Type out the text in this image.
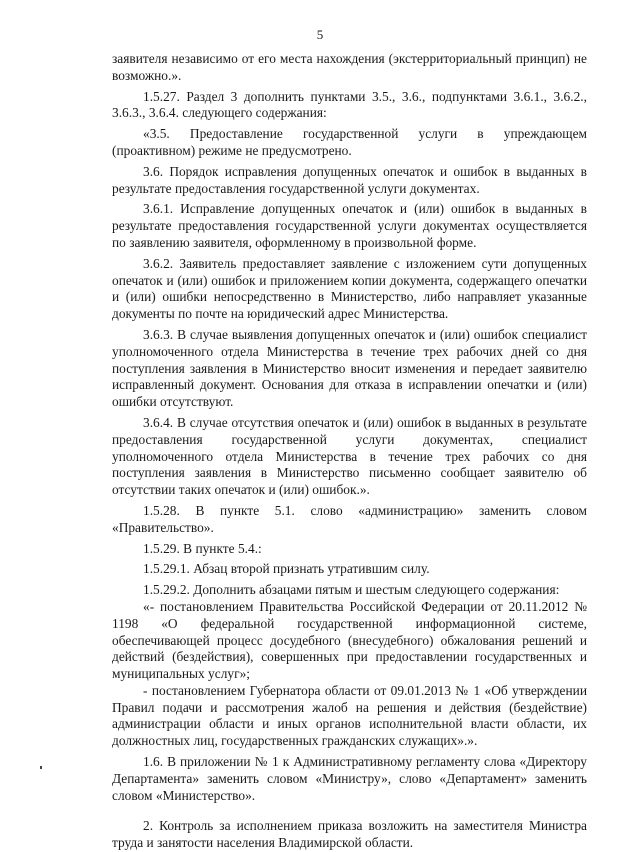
5

заявителя независимо от его места нахождения (экстерриториальный принцип) не возможно.».

1.5.27. Раздел 3 дополнить пунктами 3.5., 3.6., подпунктами 3.6.1., 3.6.2., 3.6.3., 3.6.4. следующего содержания:

«3.5. Предоставление государственной услуги в упреждающем (проактивном) режиме не предусмотрено.

3.6. Порядок исправления допущенных опечаток и ошибок в выданных в результате предоставления государственной услуги документах.

3.6.1. Исправление допущенных опечаток и (или) ошибок в выданных в результате предоставления государственной услуги документах осуществляется по заявлению заявителя, оформленному в произвольной форме.

3.6.2. Заявитель предоставляет заявление с изложением сути допущенных опечаток и (или) ошибок и приложением копии документа, содержащего опечатки и (или) ошибки непосредственно в Министерство, либо направляет указанные документы по почте на юридический адрес Министерства.

3.6.3. В случае выявления допущенных опечаток и (или) ошибок специалист уполномоченного отдела Министерства в течение трех рабочих дней со дня поступления заявления в Министерство вносит изменения и передает заявителю исправленный документ. Основания для отказа в исправлении опечатки и (или) ошибки отсутствуют.

3.6.4. В случае отсутствия опечаток и (или) ошибок в выданных в результате предоставления государственной услуги документах, специалист уполномоченного отдела Министерства в течение трех рабочих со дня поступления заявления в Министерство письменно сообщает заявителю об отсутствии таких опечаток и (или) ошибок.».

1.5.28. В пункте 5.1. слово «администрацию» заменить словом «Правительство».

1.5.29. В пункте 5.4.:

1.5.29.1. Абзац второй признать утратившим силу.

1.5.29.2. Дополнить абзацами пятым и шестым следующего содержания:

«- постановлением Правительства Российской Федерации от 20.11.2012 № 1198 «О федеральной государственной информационной системе, обеспечивающей процесс досудебного (внесудебного) обжалования решений и действий (бездействия), совершенных при предоставлении государственных и муниципальных услуг»;

- постановлением Губернатора области от 09.01.2013 № 1 «Об утверждении Правил подачи и рассмотрения жалоб на решения и действия (бездействие) администрации области и иных органов исполнительной власти области, их должностных лиц, государственных гражданских служащих».».

1.6. В приложении № 1 к Административному регламенту слова «Директору Департамента» заменить словом «Министру», слово «Департамент» заменить словом «Министерство».

2. Контроль за исполнением приказа возложить на заместителя Министра труда и занятости населения Владимирской области.
